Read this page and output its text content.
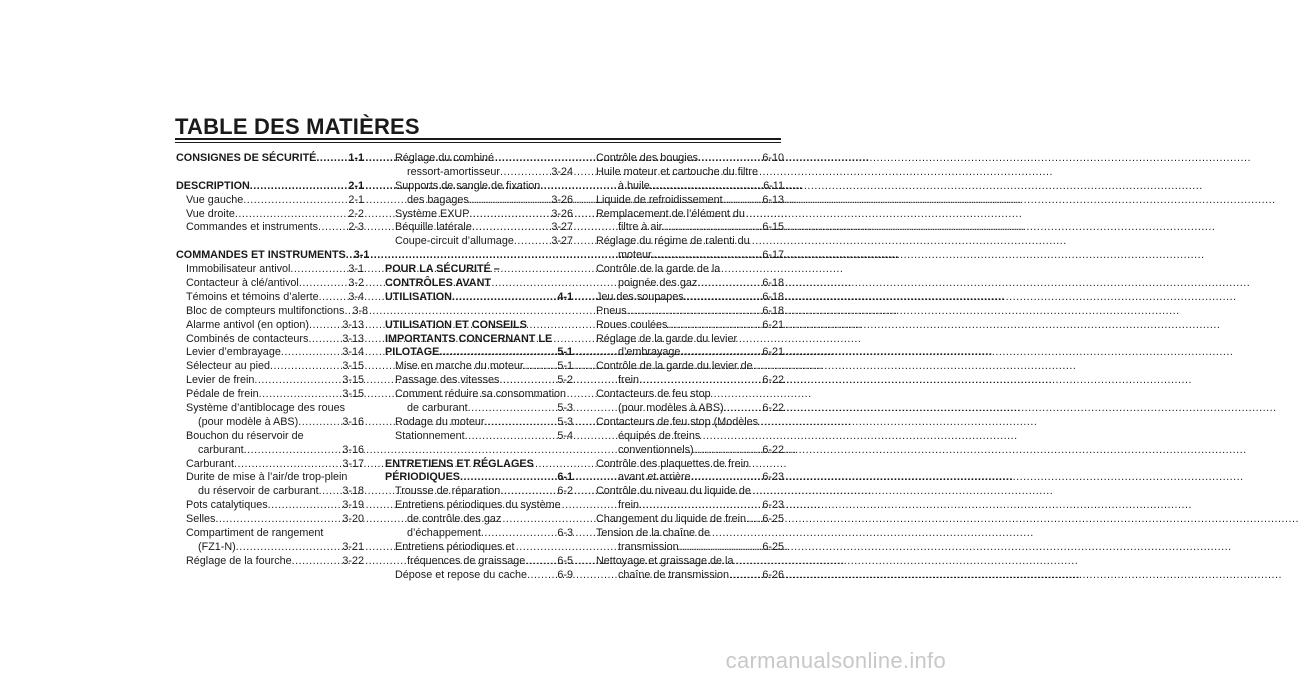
TABLE DES MATIÈRES
CONSIGNES DE SÉCURITÉ .....	1-1
DESCRIPTION .....	2-1
Vue gauche .....	2-1
Vue droite .....	2-2
Commandes et instruments .....	2-3
COMMANDES ET INSTRUMENTS ..... 3-1
Immobilisateur antivol .....	3-1
Contacteur à clé/antivol .....	3-2
Témoins et témoins d’alerte .....	3-4
Bloc de compteurs multifonctions ..... 3-8
Alarme antivol (en option) .....	3-13
Combinés de contacteurs .....	3-13
Levier d’embrayage .....	3-14
Sélecteur au pied .....	3-15
Levier de frein .....	3-15
Pédale de frein .....	3-15
Système d’antiblocage des roues
(pour modèle à ABS) .....	3-16
Bouchon du réservoir de
carburant .....	3-16
Carburant .....	3-17
Durite de mise à l’air/de trop-plein
du réservoir de carburant ..... 3-18
Pots catalytiques .....	3-19
Selles .....	3-20
Compartiment de rangement
(FZ1-N) .....	3-21
Réglage de la fourche .....	3-22
Réglage du combiné
ressort-amortisseur .....	3-24
Supports de sangle de fixation
des bagages .....	3-26
Système EXUP .....	3-26
Béquille latérale .....	3-27
Coupe-circuit d’allumage .....	3-27
POUR LA SÉCURITÉ –
CONTRÔLES AVANT
UTILISATION .....	4-1
UTILISATION ET CONSEILS
IMPORTANTS CONCERNANT LE
PILOTAGE .....	5-1
Mise en marche du moteur .....	5-1
Passage des vitesses .....	5-2
Comment réduire sa consommation
de carburant .....	5-3
Rodage du moteur .....	5-3
Stationnement .....	5-4
ENTRETIENS ET RÉGLAGES
PÉRIODIQUES .....	6-1
Trousse de réparation .....	6-2
Entretiens périodiques du système
de contrôle des gaz
d’échappement .....	6-3
Entretiens périodiques et
fréquences de graissage .....	6-5
Dépose et repose du cache .....	6-9
Contrôle des bougies .....	6-10
Huile moteur et cartouche du filtre
à huile .....	6-11
Liquide de refroidissement .....	6-13
Remplacement de l’élément du
filtre à air .....	6-15
Réglage du régime de ralenti du
moteur .....	6-17
Contrôle de la garde de la
poignée des gaz .....	6-18
Jeu des soupapes .....	6-18
Pneus .....	6-18
Roues coulées .....	6-21
Réglage de la garde du levier
d’embrayage .....	6-21
Contrôle de la garde du levier de
frein .....	6-22
Contacteurs de feu stop
(pour modèles à ABS) .....	6-22
Contacteurs de feu stop (Modèles
équipés de freins
conventionnels) .....	6-22
Contrôle des plaquettes de frein
avant et arrière .....	6-23
Contrôle du niveau du liquide de
frein .....	6-23
Changement du liquide de frein ..... 6-25
Tension de la chaîne de
transmission .....	6-25
Nettoyage et graissage de la
chaîne de transmission .....	6-26
carmanualsonline.info
